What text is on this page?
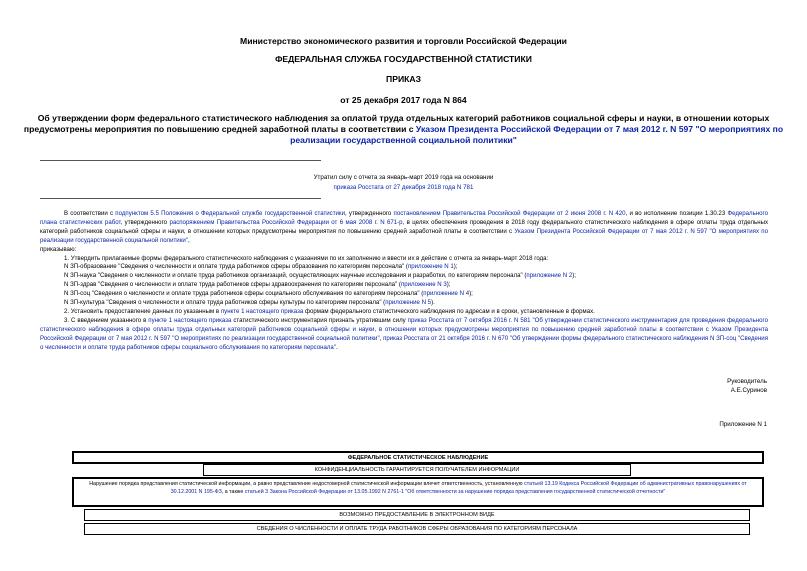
Министерство экономического развития и торговли Российской Федерации
ФЕДЕРАЛЬНАЯ СЛУЖБА ГОСУДАРСТВЕННОЙ СТАТИСТИКИ
ПРИКАЗ
от 25 декабря 2017 года N 864
Об утверждении форм федерального статистического наблюдения за оплатой труда отдельных категорий работников социальной сферы и науки, в отношении которых предусмотрены мероприятия по повышению средней заработной платы в соответствии с Указом Президента Российской Федерации от 7 мая 2012 г. N 597 "О мероприятиях по реализации государственной социальной политики"
Утратил силу с отчета за январь-март 2019 года на основании
приказа Росстата от 27 декабря 2018 года N 781

В соответствии с подпунктом 5.5 Положения о Федеральной службе государственной статистики, утвержденного постановлением Правительства Российской Федерации от 2 июня 2008 г. N 420, и во исполнение позиции 1.30.23 Федерального плана статистических работ, утвержденного распоряжением Правительства Российской Федерации от 6 мая 2008 г. N 671-р, в целях обеспечения проведения в 2018 году федерального статистического наблюдения в сфере оплаты труда отдельных категорий работников социальной сферы и науки, в отношении которых предусмотрены мероприятия по повышению средней заработной платы в соответствии с Указом Президента Российской Федерации от 7 мая 2012 г. N 597 "О мероприятиях по реализации государственной социальной политики",

приказываю:

1. Утвердить прилагаемые формы федерального статистического наблюдения с указаниями по их заполнению и ввести их в действие с отчета за январь-март 2018 года:

N ЗП-образование "Сведения о численности и оплате труда работников сферы образования по категориям персонала" (приложение N 1);

N ЗП-наука "Сведения о численности и оплате труда работников организаций, осуществляющих научные исследования и разработки, по категориям персонала" (приложение N 2);

N ЗП-здрав "Сведения о численности и оплате труда работников сферы здравоохранения по категориям персонала" (приложение N 3);

N ЗП-соц "Сведения о численности и оплате труда работников сферы социального обслуживания по категориям персонала" (приложение N 4);

N ЗП-культура "Сведения о численности и оплате труда работников сферы культуры по категориям персонала" (приложение N 5).

2. Установить предоставление данных по указанным в пункте 1 настоящего приказа формам федерального статистического наблюдения по адресам и в сроки, установленные в формах.

3. С введением указанного в пункте 1 настоящего приказа статистического инструментария признать утратившим силу приказ Росстата от 7 октября 2016 г. N 581 "Об утверждении статистического инструментария для проведения федерального статистического наблюдения в сфере оплаты труда отдельных категорий работников социальной сферы и науки, в отношении которых предусмотрены мероприятия по повышению средней заработной платы в соответствии с Указом Президента Российской Федерации от 7 мая 2012 г. N 597 "О мероприятиях по реализации государственной социальной политики", приказ Росстата от 21 октября 2016 г. N 670 "Об утверждении формы федерального статистического наблюдения N ЗП-соц "Сведения о численности и оплате труда работников сферы социального обслуживания по категориям персонала".

Руководитель
А.Е.Суринов
Приложение N 1
ФЕДЕРАЛЬНОЕ СТАТИСТИЧЕСКОЕ НАБЛЮДЕНИЕ
КОНФИДЕНЦИАЛЬНОСТЬ ГАРАНТИРУЕТСЯ ПОЛУЧАТЕЛЕМ ИНФОРМАЦИИ
Нарушение порядка представления статистической информации, а равно представление недостоверной статистической информации влечет ответственность, установленную статьей 13.19 Кодекса Российской Федерации об административных правонарушениях от 30.12.2001 N 195-ФЗ, а также статьей 3 Закона Российской Федерации от 13.05.1992 N 2761-1 "Об ответственности за нарушение порядка представления государственной статистической отчетности"
ВОЗМОЖНО ПРЕДОСТАВЛЕНИЕ В ЭЛЕКТРОННОМ ВИДЕ
СВЕДЕНИЯ О ЧИСЛЕННОСТИ И ОПЛАТЕ ТРУДА РАБОТНИКОВ СФЕРЫ ОБРАЗОВАНИЯ ПО КАТЕГОРИЯМ ПЕРСОНАЛА
